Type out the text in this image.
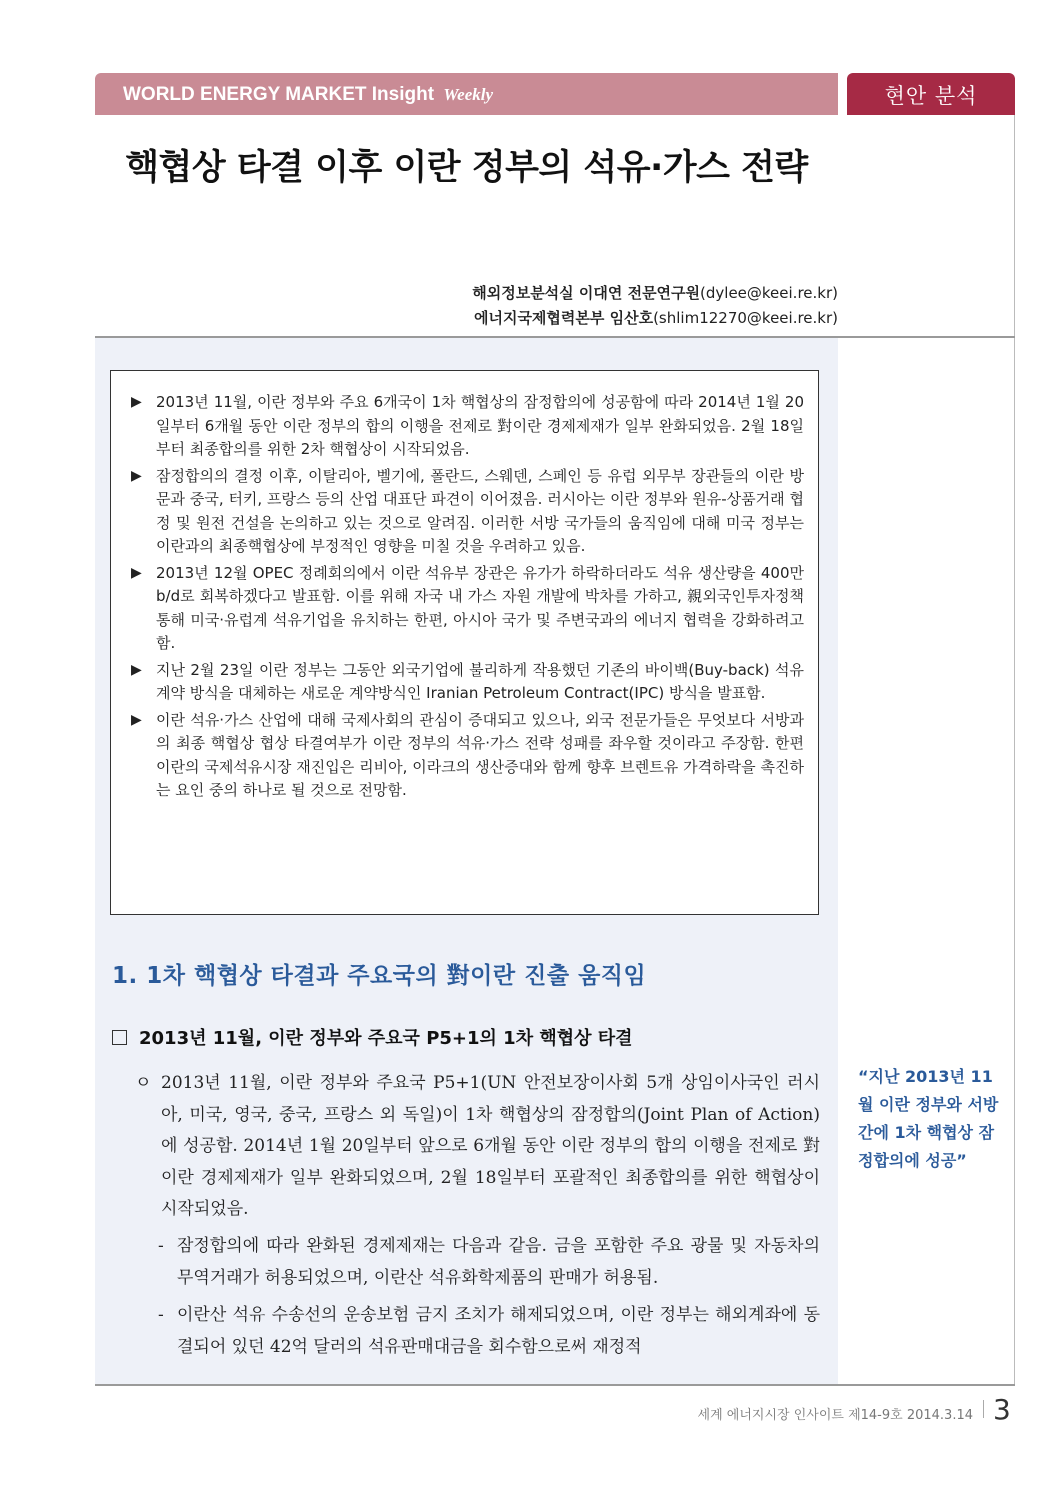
WORLD ENERGY MARKET Insight Weekly	현안 분석
핵협상 타결 이후 이란 정부의 석유·가스 전략
해외정보분석실 이대연 전문연구원(dylee@keei.re.kr)
에너지국제협력본부 임산호(shlim12270@keei.re.kr)
▶ 2013년 11월, 이란 정부와 주요 6개국이 1차 핵협상의 잠정합의에 성공함에 따라 2014년 1월 20일부터 6개월 동안 이란 정부의 합의 이행을 전제로 對이란 경제제재가 일부 완화되었음. 2월 18일부터 최종합의를 위한 2차 핵협상이 시작되었음.
▶ 잠정합의의 결정 이후, 이탈리아, 벨기에, 폴란드, 스웨덴, 스페인 등 유럽 외무부 장관들의 이란 방문과 중국, 터키, 프랑스 등의 산업 대표단 파견이 이어졌음. 러시아는 이란 정부와 원유-상품거래 협정 및 원전 건설을 논의하고 있는 것으로 알려짐. 이러한 서방 국가들의 움직임에 대해 미국 정부는 이란과의 최종핵협상에 부정적인 영향을 미칠 것을 우려하고 있음.
▶ 2013년 12월 OPEC 정례회의에서 이란 석유부 장관은 유가가 하락하더라도 석유 생산량을 400만b/d로 회복하겠다고 발표함. 이를 위해 자국 내 가스 자원 개발에 박차를 가하고, 親외국인투자정책 통해 미국·유럽계 석유기업을 유치하는 한편, 아시아 국가 및 주변국과의 에너지 협력을 강화하려고 함.
▶ 지난 2월 23일 이란 정부는 그동안 외국기업에 불리하게 작용했던 기존의 바이백(Buy-back) 석유계약 방식을 대체하는 새로운 계약방식인 Iranian Petroleum Contract(IPC) 방식을 발표함.
▶ 이란 석유·가스 산업에 대해 국제사회의 관심이 증대되고 있으나, 외국 전문가들은 무엇보다 서방과의 최종 핵협상 협상 타결여부가 이란 정부의 석유·가스 전략 성패를 좌우할 것이라고 주장함. 한편 이란의 국제석유시장 재진입은 리비아, 이라크의 생산증대와 함께 향후 브렌트유 가격하락을 촉진하는 요인 중의 하나로 될 것으로 전망함.
1. 1차 핵협상 타결과 주요국의 對이란 진출 움직임
2013년 11월, 이란 정부와 주요국 P5+1의 1차 핵협상 타결
ㅇ 2013년 11월, 이란 정부와 주요국 P5+1(UN 안전보장이사회 5개 상임이사국인 러시아, 미국, 영국, 중국, 프랑스 외 독일)이 1차 핵협상의 잠정합의(Joint Plan of Action)에 성공함. 2014년 1월 20일부터 앞으로 6개월 동안 이란 정부의 합의 이행을 전제로 對이란 경제제재가 일부 완화되었으며, 2월 18일부터 포괄적인 최종합의를 위한 핵협상이 시작되었음.
- 잠정합의에 따라 완화된 경제제재는 다음과 같음. 금을 포함한 주요 광물 및 자동차의 무역거래가 허용되었으며, 이란산 석유화학제품의 판매가 허용됨.
- 이란산 석유 수송선의 운송보험 금지 조치가 해제되었으며, 이란 정부는 해외계좌에 동결되어 있던 42억 달러의 석유판매대금을 회수함으로써 재정적
“지난 2013년 11월 이란 정부와 서방 간에 1차 핵협상 잠정합의에 성공”
세계 에너지시장 인사이트 제14-9호 2014.3.14 3
